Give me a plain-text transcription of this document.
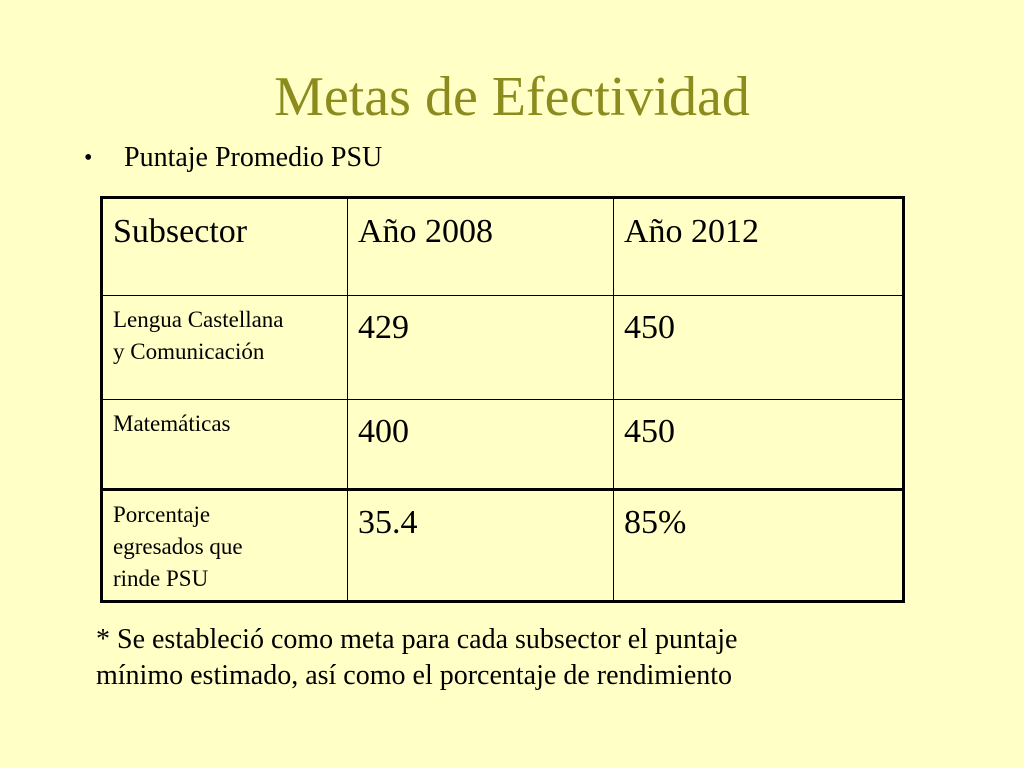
Metas de Efectividad
•	Puntaje Promedio PSU
Subsector	Año 2008	Año 2012

Lengua Castellana
y Comunicación	429	450

Matemáticas	400	450

Porcentaje
egresados que
rinde PSU	35.4	85%
* Se estableció como meta para cada subsector el puntaje
mínimo estimado, así como el porcentaje de rendimiento
